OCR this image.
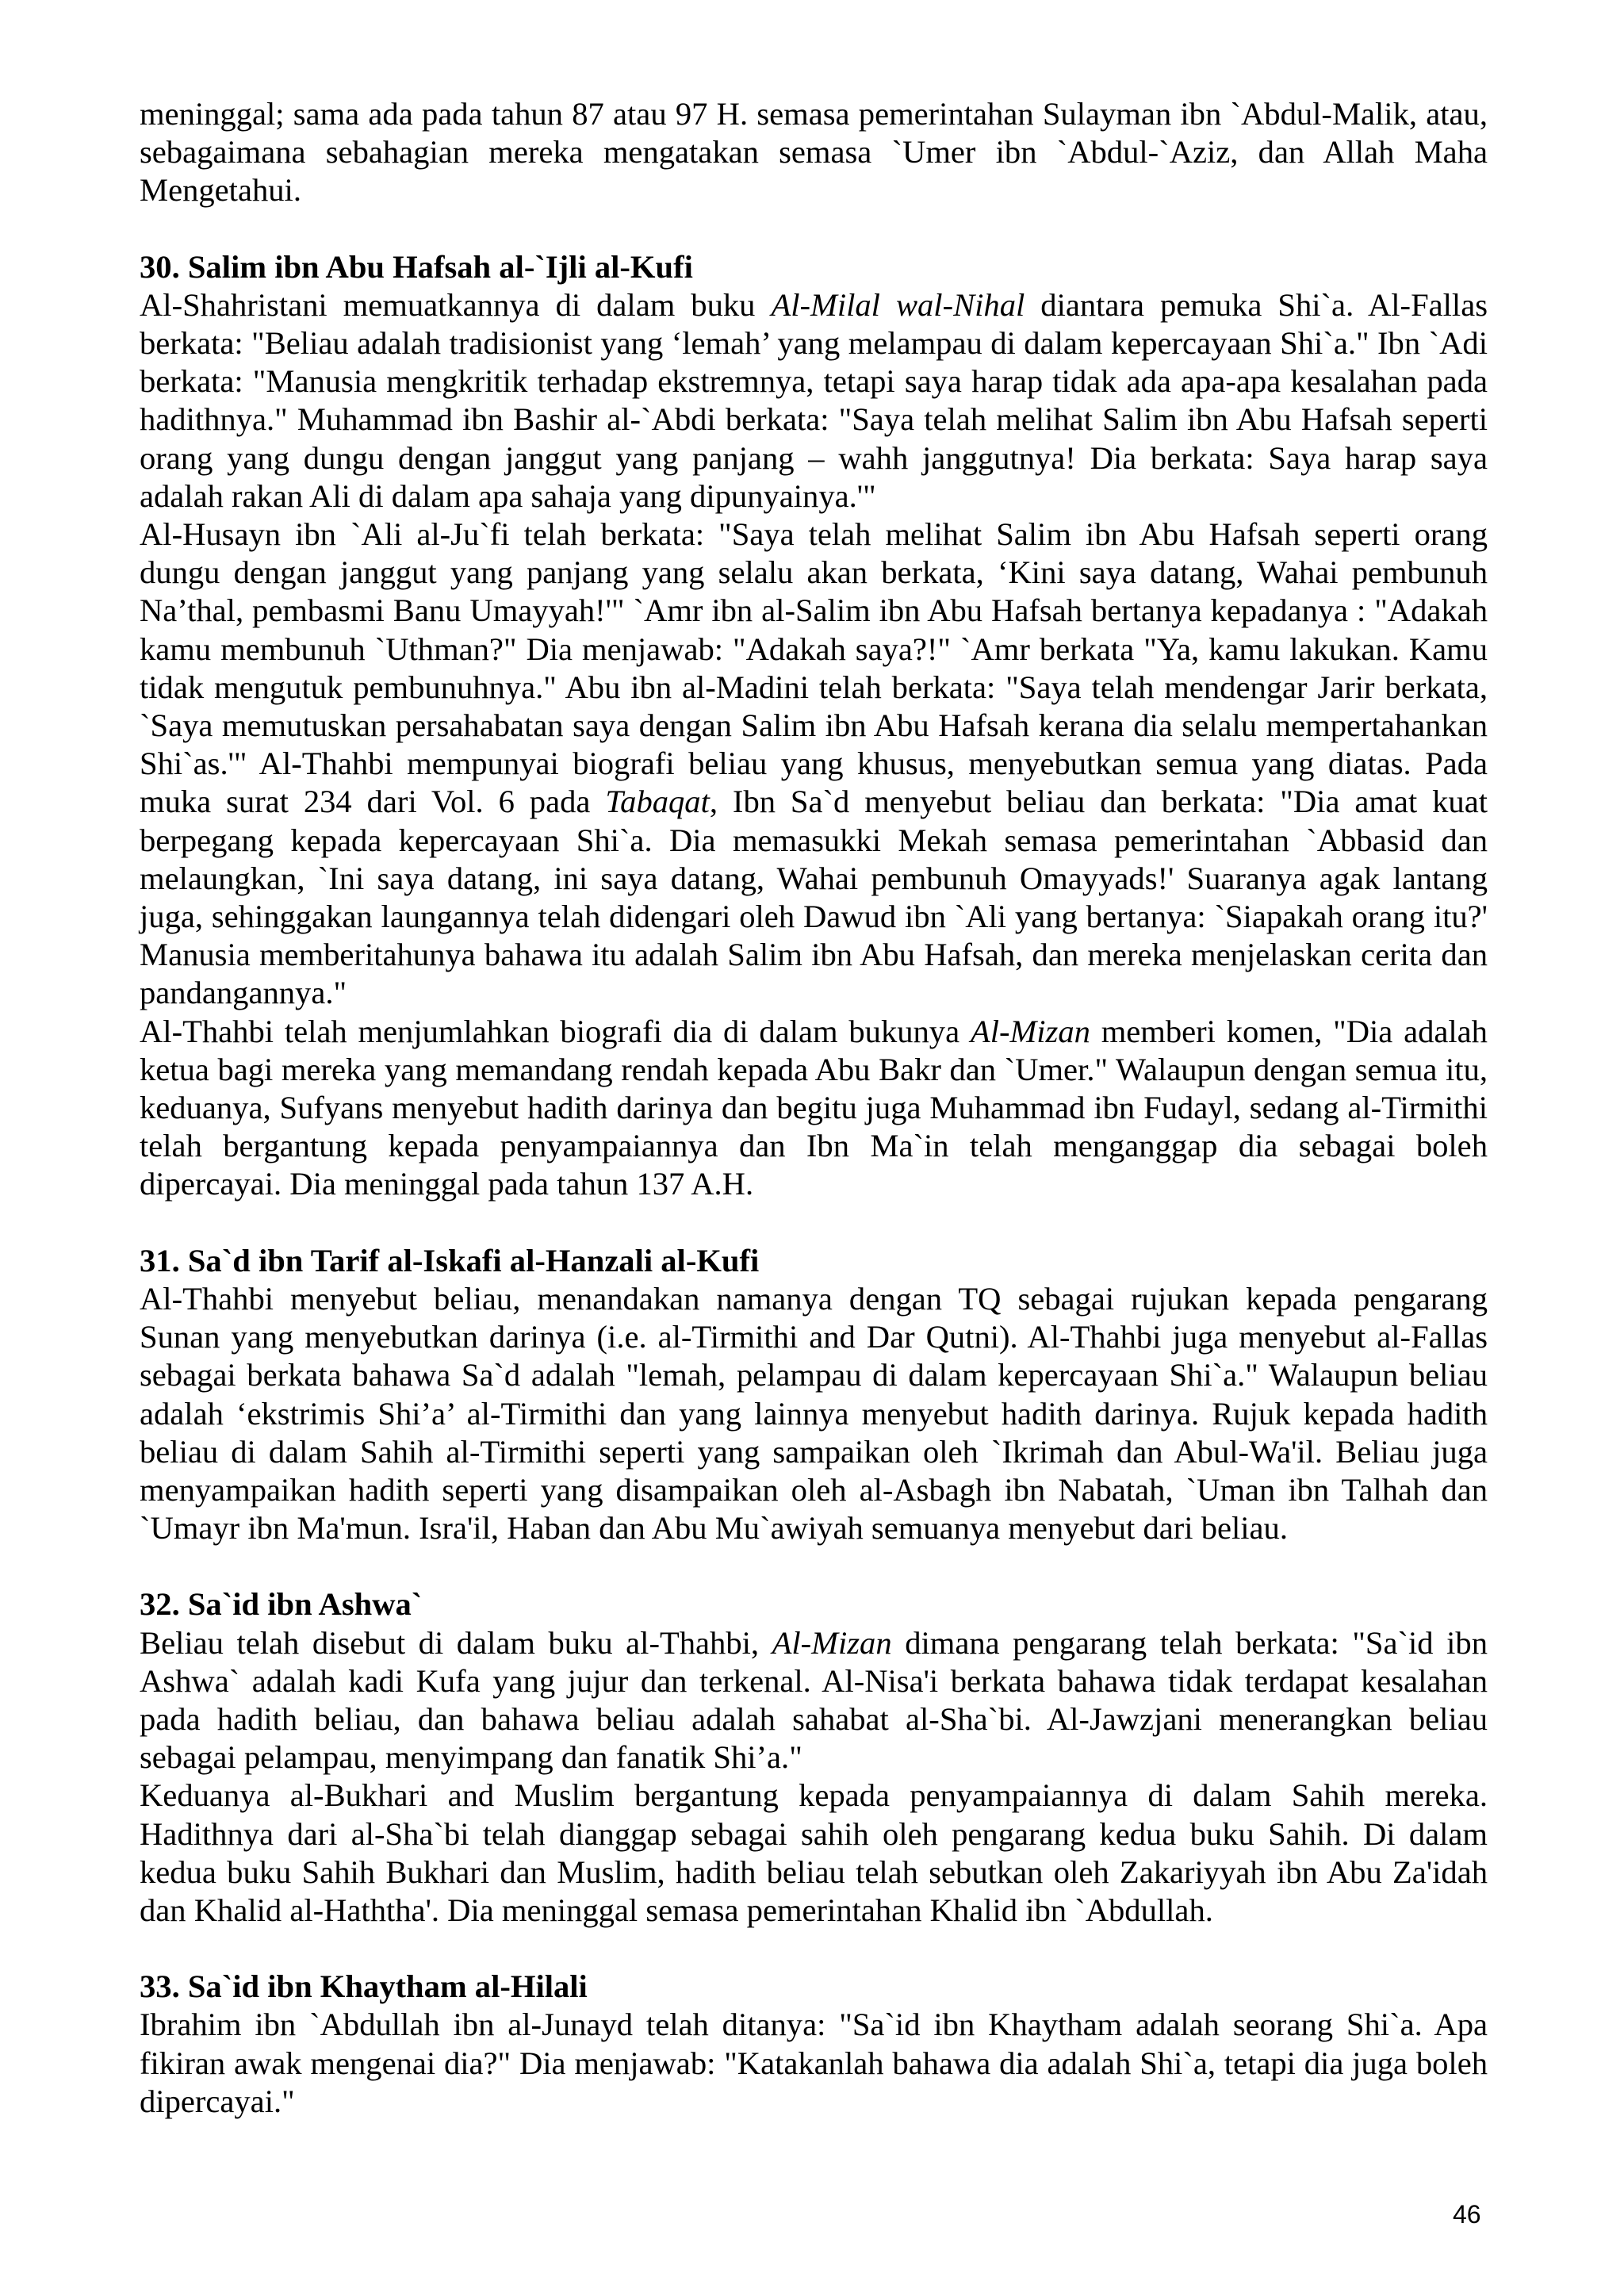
meninggal; sama ada pada tahun 87 atau 97 H. semasa pemerintahan Sulayman ibn `Abdul-Malik, atau, sebagaimana sebahagian mereka mengatakan semasa `Umer ibn `Abdul-`Aziz, dan Allah Maha Mengetahui.

30. Salim ibn Abu Hafsah al-`Ijli al-Kufi

Al-Shahristani memuatkannya di dalam buku Al-Milal wal-Nihal diantara pemuka Shi`a. Al-Fallas berkata: "Beliau adalah tradisionist yang ‘lemah’ yang melampau di dalam kepercayaan Shi`a." Ibn `Adi berkata: "Manusia mengkritik terhadap ekstremnya, tetapi saya harap tidak ada apa-apa kesalahan pada hadithnya." Muhammad ibn Bashir al-`Abdi berkata: "Saya telah melihat Salim ibn Abu Hafsah seperti orang yang dungu dengan janggut yang panjang – wahh janggutnya! Dia berkata: Saya harap saya adalah rakan Ali di dalam apa sahaja yang dipunyainya.'"

Al-Husayn ibn `Ali al-Ju`fi telah berkata: "Saya telah melihat Salim ibn Abu Hafsah seperti orang dungu dengan janggut yang panjang yang selalu akan berkata, ‘Kini saya datang, Wahai pembunuh Na’thal, pembasmi Banu Umayyah!'" `Amr ibn al-Salim ibn Abu Hafsah bertanya kepadanya : "Adakah kamu membunuh `Uthman?" Dia menjawab: "Adakah saya?!" `Amr berkata "Ya, kamu lakukan. Kamu tidak mengutuk pembunuhnya." Abu ibn al-Madini telah berkata: "Saya telah mendengar Jarir berkata, `Saya memutuskan persahabatan saya dengan Salim ibn Abu Hafsah kerana dia selalu mempertahankan Shi`as.'" Al-Thahbi mempunyai biografi beliau yang khusus, menyebutkan semua yang diatas. Pada muka surat 234 dari Vol. 6 pada Tabaqat, Ibn Sa`d menyebut beliau dan berkata: "Dia amat kuat berpegang kepada kepercayaan Shi`a. Dia memasukki Mekah semasa pemerintahan `Abbasid dan melaungkan, `Ini saya datang, ini saya datang, Wahai pembunuh Omayyads!' Suaranya agak lantang juga, sehinggakan laungannya telah didengari oleh Dawud ibn `Ali yang bertanya: `Siapakah orang itu?' Manusia memberitahunya bahawa itu adalah Salim ibn Abu Hafsah, dan mereka menjelaskan cerita dan pandangannya."

Al-Thahbi telah menjumlahkan biografi dia di dalam bukunya Al-Mizan memberi komen, "Dia adalah ketua bagi mereka yang memandang rendah kepada Abu Bakr dan `Umer." Walaupun dengan semua itu, keduanya, Sufyans menyebut hadith darinya dan begitu juga Muhammad ibn Fudayl, sedang al-Tirmithi telah bergantung kepada penyampaiannya dan Ibn Ma`in telah menganggap dia sebagai boleh dipercayai. Dia meninggal pada tahun 137 A.H.

31. Sa`d ibn Tarif al-Iskafi al-Hanzali al-Kufi

Al-Thahbi menyebut beliau, menandakan namanya dengan TQ sebagai rujukan kepada pengarang Sunan yang menyebutkan darinya (i.e. al-Tirmithi and Dar Qutni). Al-Thahbi juga menyebut al-Fallas sebagai berkata bahawa Sa`d adalah "lemah, pelampau di dalam kepercayaan Shi`a." Walaupun beliau adalah ‘ekstrimis Shi’a’ al-Tirmithi dan yang lainnya menyebut hadith darinya. Rujuk kepada hadith beliau di dalam Sahih al-Tirmithi seperti yang sampaikan oleh `Ikrimah dan Abul-Wa'il. Beliau juga menyampaikan hadith seperti yang disampaikan oleh al-Asbagh ibn Nabatah, `Uman ibn Talhah dan `Umayr ibn Ma'mun. Isra'il, Haban dan Abu Mu`awiyah semuanya menyebut dari beliau.

32. Sa`id ibn Ashwa`

Beliau telah disebut di dalam buku al-Thahbi, Al-Mizan dimana pengarang telah berkata: "Sa`id ibn Ashwa` adalah kadi Kufa yang jujur dan terkenal. Al-Nisa'i berkata bahawa tidak terdapat kesalahan pada hadith beliau, dan bahawa beliau adalah sahabat al-Sha`bi. Al-Jawzjani menerangkan beliau sebagai pelampau, menyimpang dan fanatik Shi’a."

Keduanya al-Bukhari and Muslim bergantung kepada penyampaiannya di dalam Sahih mereka. Hadithnya dari al-Sha`bi telah dianggap sebagai sahih oleh pengarang kedua buku Sahih. Di dalam kedua buku Sahih Bukhari dan Muslim, hadith beliau telah sebutkan oleh Zakariyyah ibn Abu Za'idah dan Khalid al-Haththa'. Dia meninggal semasa pemerintahan Khalid ibn `Abdullah.

33. Sa`id ibn Khaytham al-Hilali

Ibrahim ibn `Abdullah ibn al-Junayd telah ditanya: "Sa`id ibn Khaytham adalah seorang Shi`a. Apa fikiran awak mengenai dia?" Dia menjawab: "Katakanlah bahawa dia adalah Shi`a, tetapi dia juga boleh dipercayai."

46
